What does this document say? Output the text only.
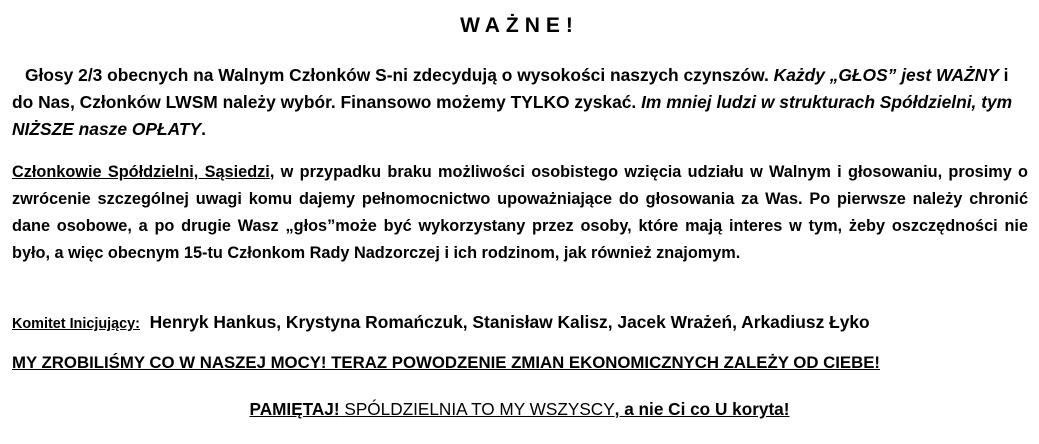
WAŻNE!
Głosy 2/3 obecnych na Walnym Członków S-ni zdecydują o wysokości naszych czynszów. Każdy „GŁOS” jest WAŻNY i do Nas, Członków LWSM należy wybór. Finansowo możemy TYLKO zyskać. Im mniej ludzi w strukturach Spółdzielni, tym NIŻSZE nasze OPŁATY.
Członkowie Spółdzielni, Sąsiedzi, w przypadku braku możliwości osobistego wzięcia udziału w Walnym i głosowaniu, prosimy o zwrócenie szczególnej uwagi komu dajemy pełnomocnictwo upoważniające do głosowania za Was. Po pierwsze należy chronić dane osobowe, a po drugie Wasz „głos”może być wykorzystany przez osoby, które mają interes w tym, żeby oszczędności nie było, a więc obecnym 15-tu Członkom Rady Nadzorczej i ich rodzinom, jak również znajomym.
Komitet Inicjujący: Henryk Hankus, Krystyna Romańczuk, Stanisław Kalisz, Jacek Wrażeń, Arkadiusz Łyko
MY ZROBILIŚMY CO W NASZEJ MOCY! TERAZ POWODZENIE ZMIAN EKONOMICZNYCH ZALEŻY OD CIEBE!
PAMIĘTAJ! SPÓLDZIELNIA TO MY WSZYSCY, a nie Ci co U koryta!
